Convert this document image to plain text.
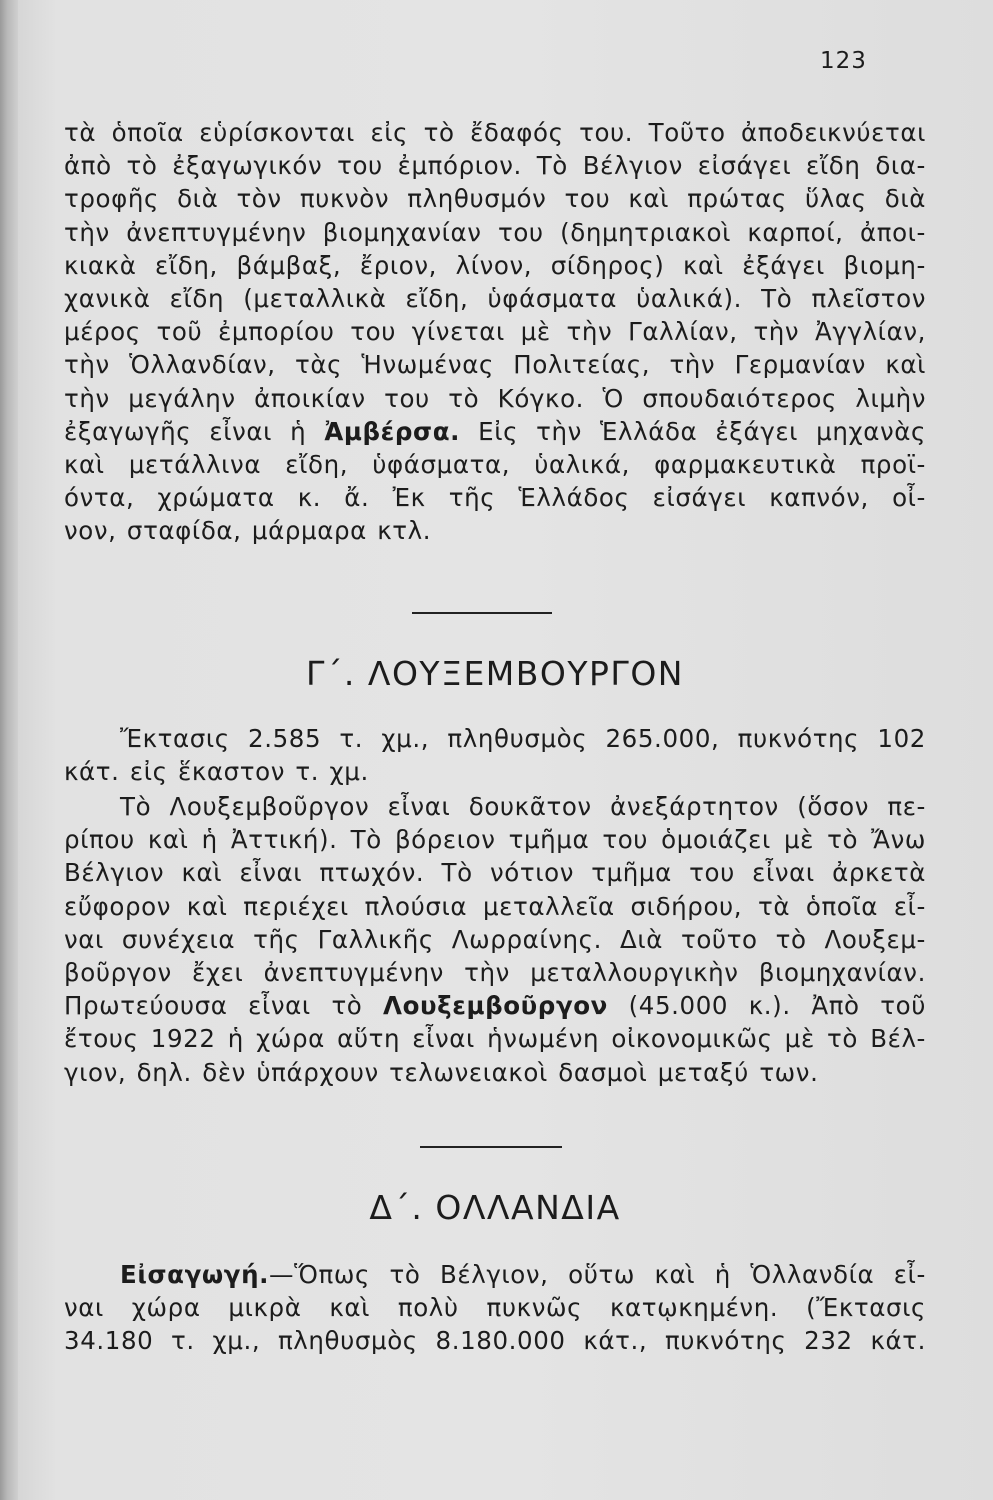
123

τὰ ὁποῖα εὑρίσκονται εἰς τὸ ἔδαφός του. Τοῦτο ἀποδεικνύεται
ἀπὸ τὸ ἐξαγωγικόν του ἐμπόριον. Τὸ Βέλγιον εἰσάγει εἴδη δια-
τροφῆς διὰ τὸν πυκνὸν πληθυσμόν του καὶ πρώτας ὕλας διὰ
τὴν ἀνεπτυγμένην βιομηχανίαν του (δημητριακοὶ καρποί, ἀποι-
κιακὰ εἴδη, βάμβαξ, ἔριον, λίνον, σίδηρος) καὶ ἐξάγει βιομη-
χανικὰ εἴδη (μεταλλικὰ εἴδη, ὑφάσματα ὑαλικά). Τὸ πλεῖστον
μέρος τοῦ ἐμπορίου του γίνεται μὲ τὴν Γαλλίαν, τὴν Ἀγγλίαν,
τὴν Ὁλλανδίαν, τὰς Ἡνωμένας Πολιτείας, τὴν Γερμανίαν καὶ
τὴν μεγάλην ἀποικίαν του τὸ Κόγκο. Ὁ σπουδαιότερος λιμὴν
ἐξαγωγῆς εἶναι ἡ Ἀμβέρσα. Εἰς τὴν Ἑλλάδα ἐξάγει μηχανὰς
καὶ μετάλλινα εἴδη, ὑφάσματα, ὑαλικά, φαρμακευτικὰ προϊ-
όντα, χρώματα κ. ἄ. Ἐκ τῆς Ἑλλάδος εἰσάγει καπνόν, οἶ-
νον, σταφίδα, μάρμαρα κτλ.

Γ΄. ΛΟΥΞΕΜΒΟΥΡΓΟΝ

Ἔκτασις 2.585 τ. χμ., πληθυσμὸς 265.000, πυκνότης 102
κάτ. εἰς ἕκαστον τ. χμ.

Τὸ Λουξεμβοῦργον εἶναι δουκᾶτον ἀνεξάρτητον (ὅσον πε-
ρίπου καὶ ἡ Ἀττική). Τὸ βόρειον τμῆμα του ὁμοιάζει μὲ τὸ Ἄνω
Βέλγιον καὶ εἶναι πτωχόν. Τὸ νότιον τμῆμα του εἶναι ἀρκετὰ
εὔφορον καὶ περιέχει πλούσια μεταλλεῖα σιδήρου, τὰ ὁποῖα εἶ-
ναι συνέχεια τῆς Γαλλικῆς Λωρραίνης. Διὰ τοῦτο τὸ Λουξεμ-
βοῦργον ἔχει ἀνεπτυγμένην τὴν μεταλλουργικὴν βιομηχανίαν.
Πρωτεύουσα εἶναι τὸ Λουξεμβοῦργον (45.000 κ.). Ἀπὸ τοῦ
ἔτους 1922 ἡ χώρα αὕτη εἶναι ἡνωμένη οἰκονομικῶς μὲ τὸ Βέλ-
γιον, δηλ. δὲν ὑπάρχουν τελωνειακοὶ δασμοὶ μεταξύ των.

Δ΄. ΟΛΛΑΝΔΙΑ

Εἰσαγωγή.—Ὅπως τὸ Βέλγιον, οὕτω καὶ ἡ Ὁλλανδία εἶ-
ναι χώρα μικρὰ καὶ πολὺ πυκνῶς κατῳκημένη. (Ἔκτασις
34.180 τ. χμ., πληθυσμὸς 8.180.000 κάτ., πυκνότης 232 κάτ.
